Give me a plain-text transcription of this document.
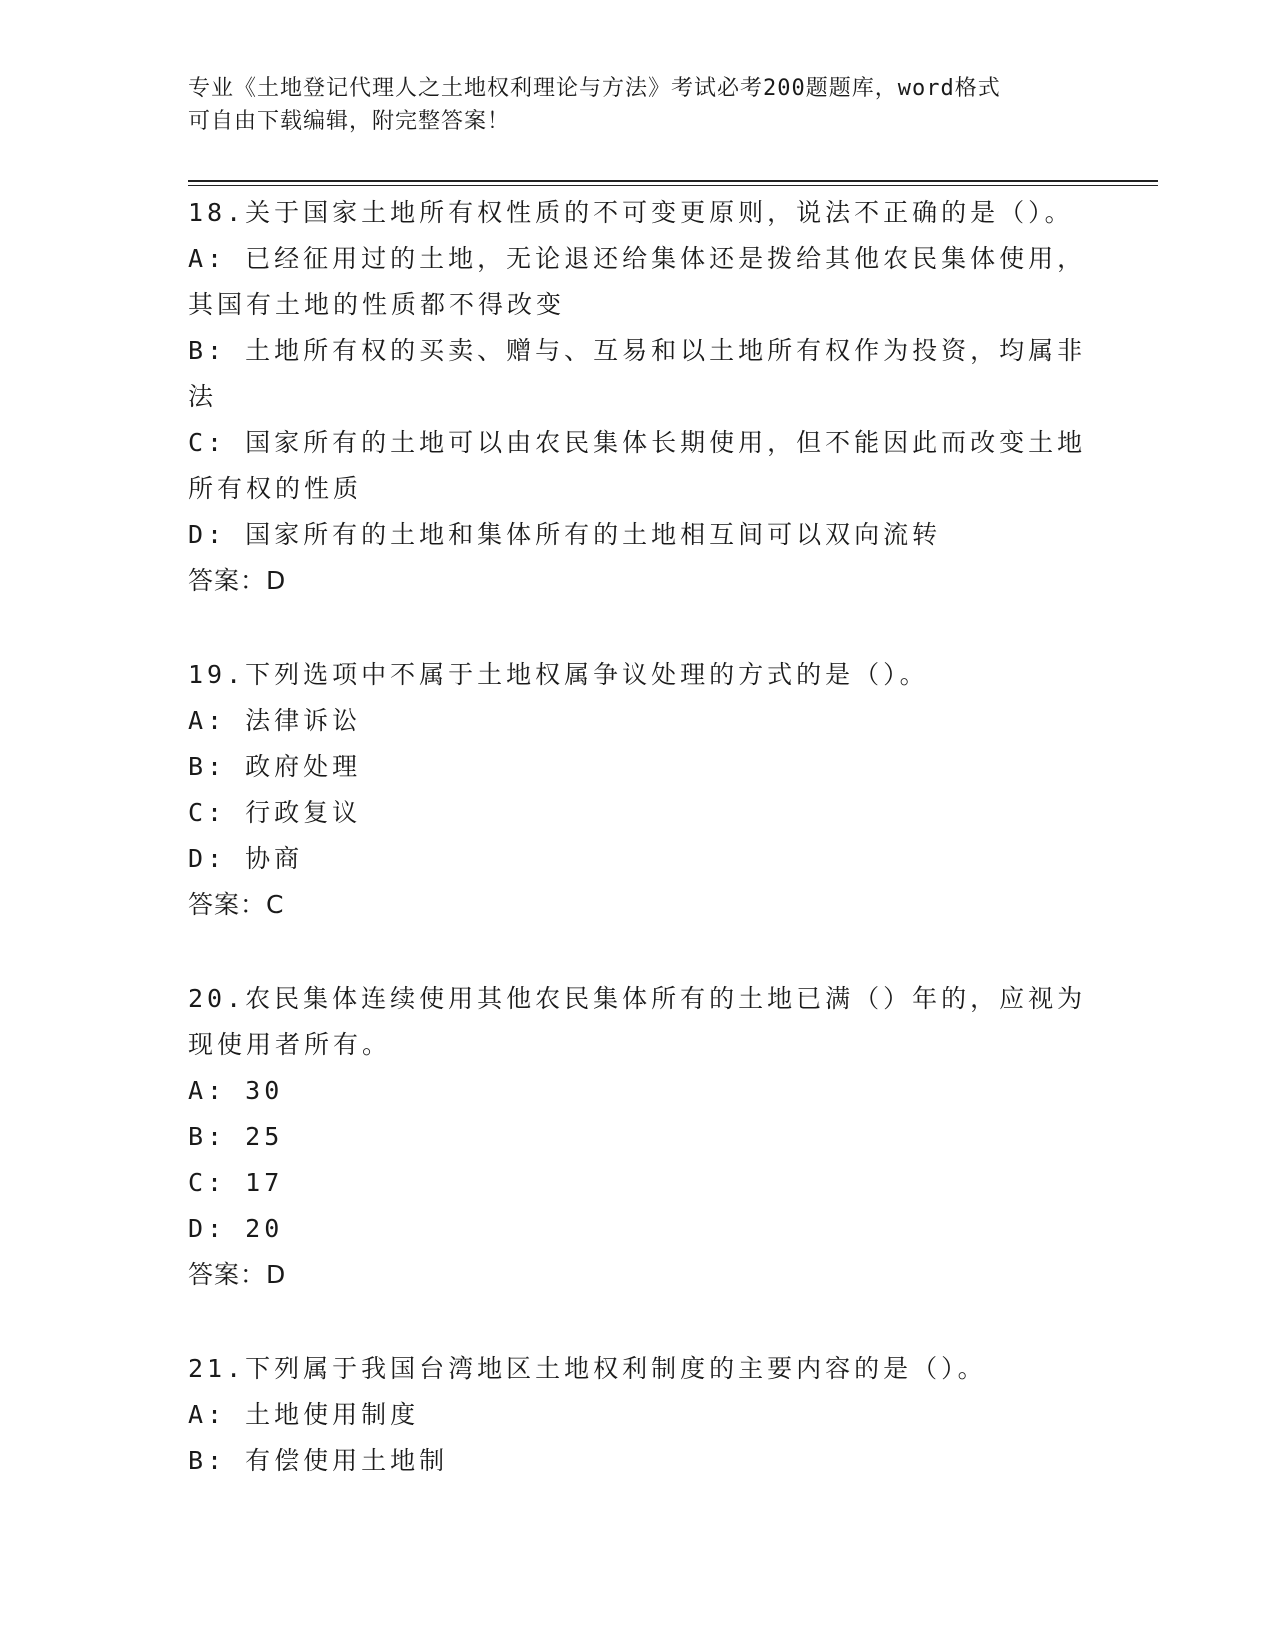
专业《土地登记代理人之土地权利理论与方法》考试必考200题题库，word格式
可自由下载编辑，附完整答案！
18.关于国家土地所有权性质的不可变更原则，说法不正确的是（）。
A: 已经征用过的土地，无论退还给集体还是拨给其他农民集体使用，其国有土地的性质都不得改变
B: 土地所有权的买卖、赠与、互易和以土地所有权作为投资，均属非法
C: 国家所有的土地可以由农民集体长期使用，但不能因此而改变土地所有权的性质
D: 国家所有的土地和集体所有的土地相互间可以双向流转
答案：D
19.下列选项中不属于土地权属争议处理的方式的是（）。
A: 法律诉讼
B: 政府处理
C: 行政复议
D: 协商
答案：C
20.农民集体连续使用其他农民集体所有的土地已满（）年的，应视为现使用者所有。
A: 30
B: 25
C: 17
D: 20
答案：D
21.下列属于我国台湾地区土地权利制度的主要内容的是（）。
A: 土地使用制度
B: 有偿使用土地制
